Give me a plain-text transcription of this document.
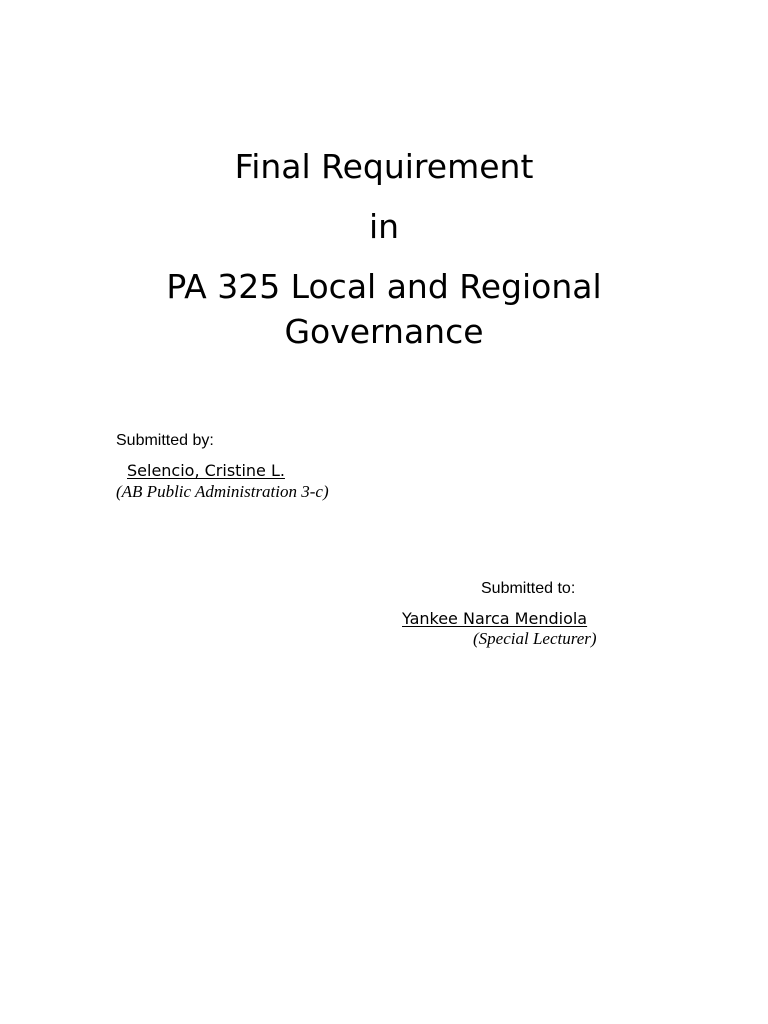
Final Requirement
in
PA 325 Local and Regional
Governance
Submitted by:
Selencio, Cristine L.
(AB Public Administration 3-c)
Submitted to:
Yankee Narca Mendiola
(Special Lecturer)
